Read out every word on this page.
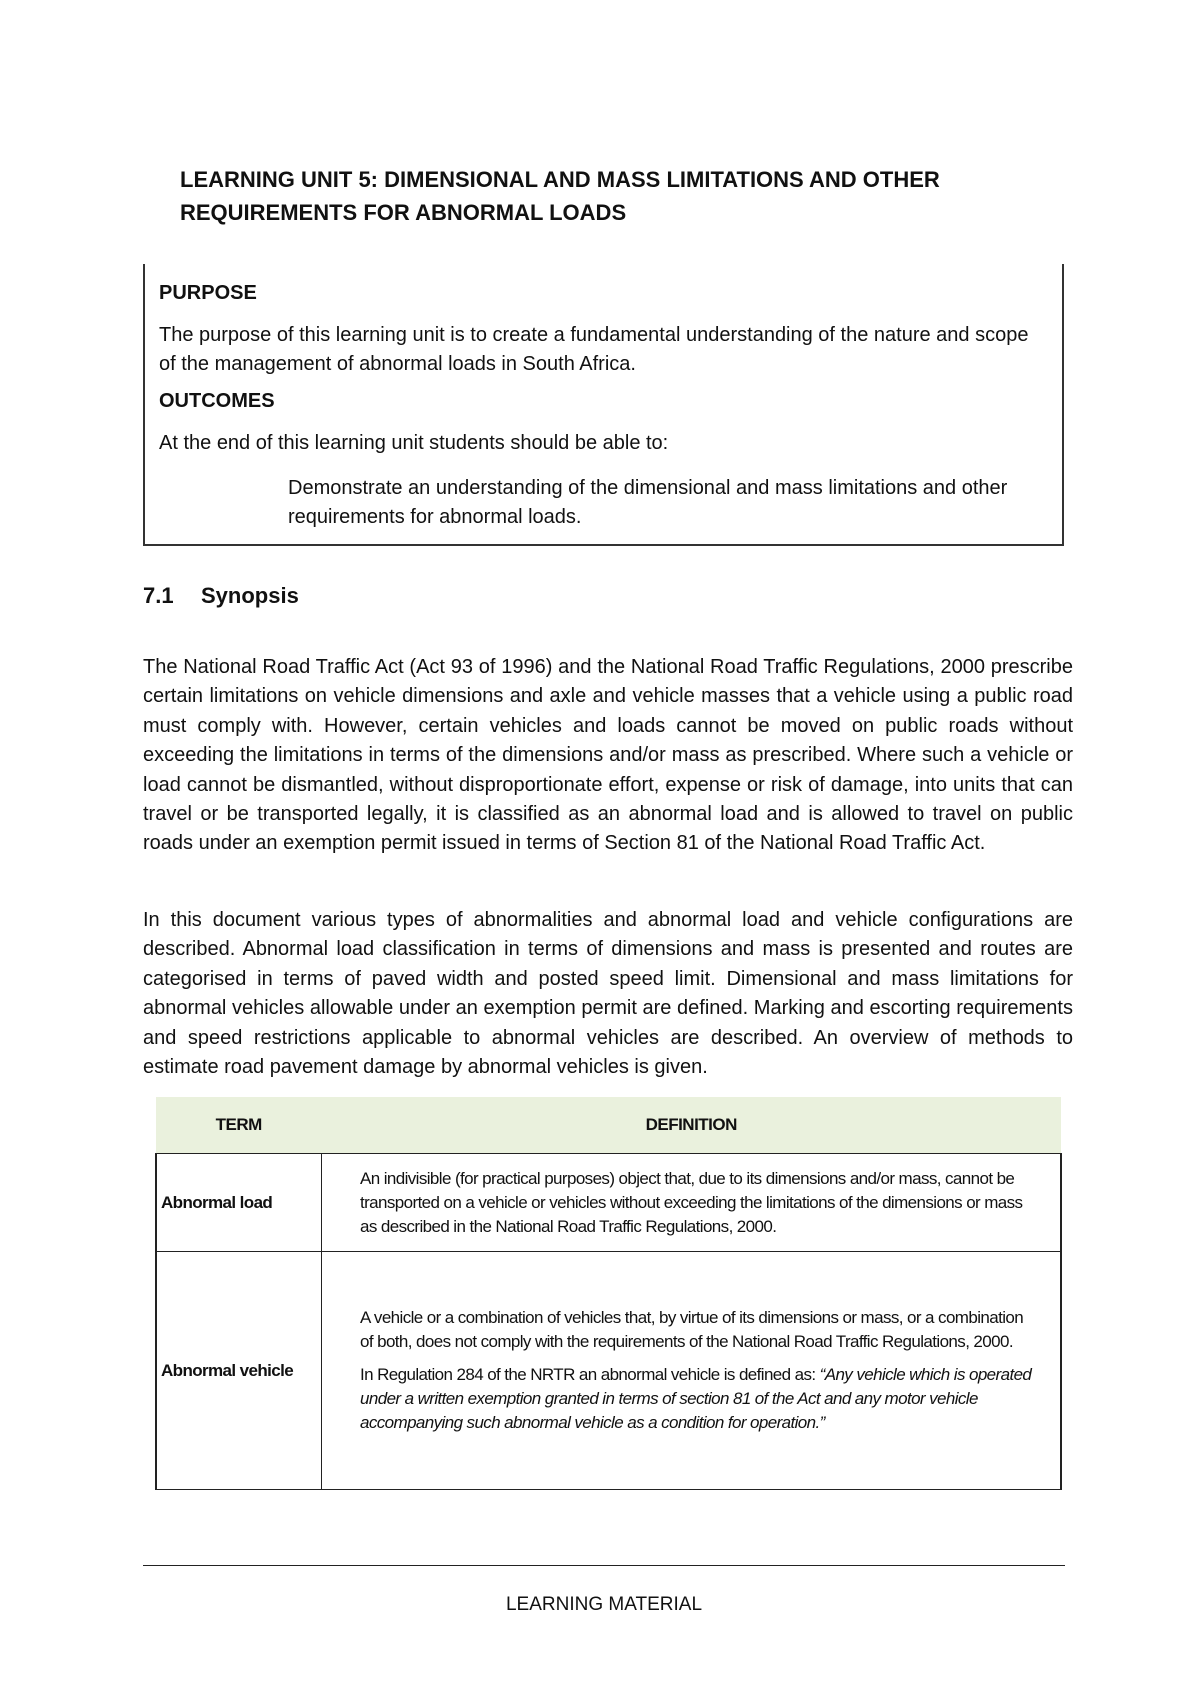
LEARNING UNIT 5: DIMENSIONAL AND MASS LIMITATIONS AND OTHER REQUIREMENTS FOR ABNORMAL LOADS
PURPOSE
The purpose of this learning unit is to create a fundamental understanding of the nature and scope of the management of abnormal loads in South Africa.
OUTCOMES
At the end of this learning unit students should be able to:
Demonstrate an understanding of the dimensional and mass limitations and other requirements for abnormal loads.
7.1 Synopsis

The National Road Traffic Act (Act 93 of 1996) and the National Road Traffic Regulations, 2000 prescribe certain limitations on vehicle dimensions and axle and vehicle masses that a vehicle using a public road must comply with. However, certain vehicles and loads cannot be moved on public roads without exceeding the limitations in terms of the dimensions and/or mass as prescribed. Where such a vehicle or load cannot be dismantled, without disproportionate effort, expense or risk of damage, into units that can travel or be transported legally, it is classified as an abnormal load and is allowed to travel on public roads under an exemption permit issued in terms of Section 81 of the National Road Traffic Act.

In this document various types of abnormalities and abnormal load and vehicle configurations are described. Abnormal load classification in terms of dimensions and mass is presented and routes are categorised in terms of paved width and posted speed limit. Dimensional and mass limitations for abnormal vehicles allowable under an exemption permit are defined. Marking and escorting requirements and speed restrictions applicable to abnormal vehicles are described. An overview of methods to estimate road pavement damage by abnormal vehicles is given.

TERM	DEFINITION
Abnormal load	An indivisible (for practical purposes) object that, due to its dimensions and/or mass, cannot be transported on a vehicle or vehicles without exceeding the limitations of the dimensions or mass as described in the National Road Traffic Regulations, 2000.
Abnormal vehicle	A vehicle or a combination of vehicles that, by virtue of its dimensions or mass, or a combination of both, does not comply with the requirements of the National Road Traffic Regulations, 2000.

In Regulation 284 of the NRTR an abnormal vehicle is defined as: “Any vehicle which is operated under a written exemption granted in terms of section 81 of the Act and any motor vehicle accompanying such abnormal vehicle as a condition for operation.”

LEARNING MATERIAL
